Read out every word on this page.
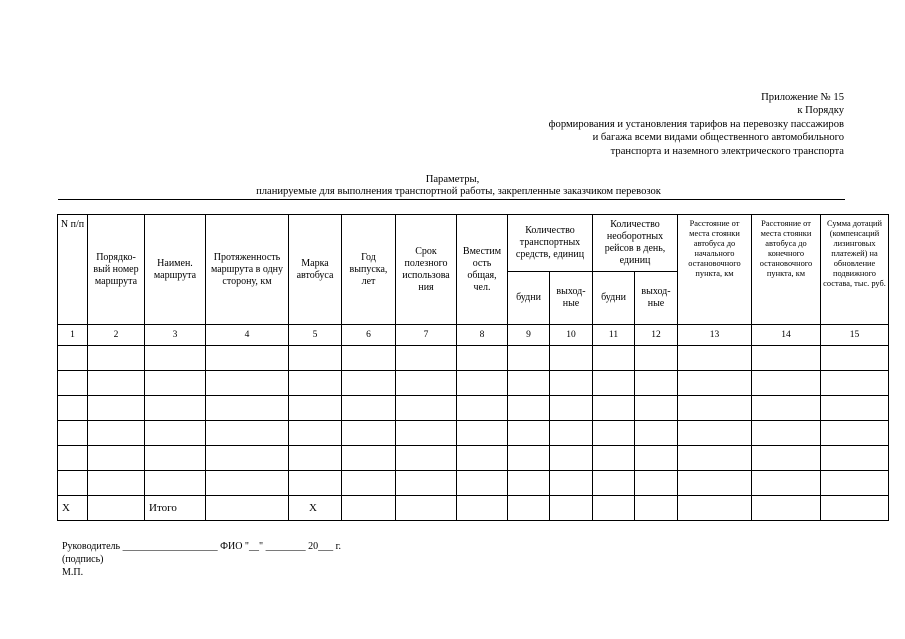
Приложение № 15
к Порядку
формирования и установления тарифов на перевозку пассажиров
и багажа всеми видами общественного автомобильного
транспорта и наземного электрического транспорта
Параметры,
планируемые для выполнения транспортной работы, закрепленные заказчиком перевозок
N п/п	Порядко-вый номер маршрута	Наимен. маршрута	Протяженность маршрута в одну сторону, км	Марка автобуса	Год выпуска, лет	Срок полезного использова ния	Вместим ость общая, чел.	Количество транспортных средств, единиц		Количество необоротных рейсов в день, единиц		Расстояние от места стоянки автобуса до начального остановочного пункта, км	Расстояние от места стоянки автобуса до конечного остановочного пункта, км	Сумма дотаций (компенсаций лизинговых платежей) на обновление подвижного состава, тыс. руб.
								будни	выход-ные	будни	выход-ные			
1	2	3	4	5	6	7	8	9	10	11	12	13	14	15

Х		Итого		Х										
Руководитель ___________________ ФИО "__" ________ 20___ г.
(подпись)
М.П.
